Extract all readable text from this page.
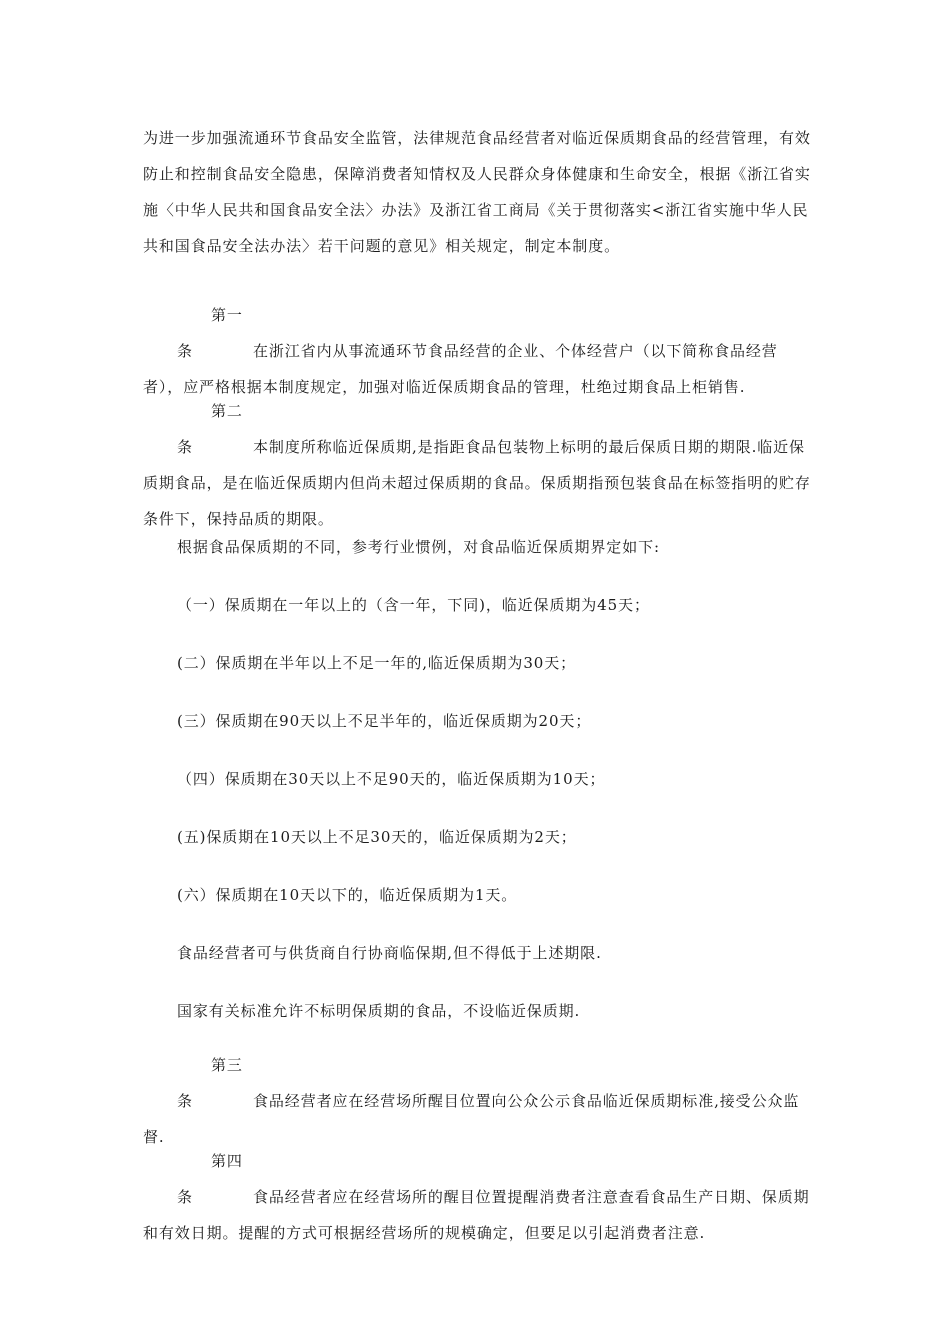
为进一步加强流通环节食品安全监管，法律规范食品经营者对临近保质期食品的经营管理，有效防止和控制食品安全隐患，保障消费者知情权及人民群众身体健康和生命安全，根据《浙江省实施〈中华人民共和国食品安全法〉办法》及浙江省工商局《关于贯彻落实<浙江省实施中华人民共和国食品安全法办法〉若干问题的意见》相关规定，制定本制度。

第一条	在浙江省内从事流通环节食品经营的企业、个体经营户（以下简称食品经营者），应严格根据本制度规定，加强对临近保质期食品的管理，杜绝过期食品上柜销售.

第二条	本制度所称临近保质期,是指距食品包装物上标明的最后保质日期的期限.临近保质期食品，是在临近保质期内但尚未超过保质期的食品。保质期指预包装食品在标签指明的贮存条件下，保持品质的期限。

根据食品保质期的不同，参考行业惯例，对食品临近保质期界定如下:

（一）保质期在一年以上的（含一年，下同)，临近保质期为45天；

(二）保质期在半年以上不足一年的,临近保质期为30天；

(三）保质期在90天以上不足半年的，临近保质期为20天；

（四）保质期在30天以上不足90天的，临近保质期为10天；

(五)保质期在10天以上不足30天的，临近保质期为2天；

(六）保质期在10天以下的，临近保质期为1天。

食品经营者可与供货商自行协商临保期,但不得低于上述期限.

国家有关标准允许不标明保质期的食品，不设临近保质期.

第三条	食品经营者应在经营场所醒目位置向公众公示食品临近保质期标准,接受公众监督.

第四条	食品经营者应在经营场所的醒目位置提醒消费者注意查看食品生产日期、保质期和有效日期。提醒的方式可根据经营场所的规模确定，但要足以引起消费者注意.
